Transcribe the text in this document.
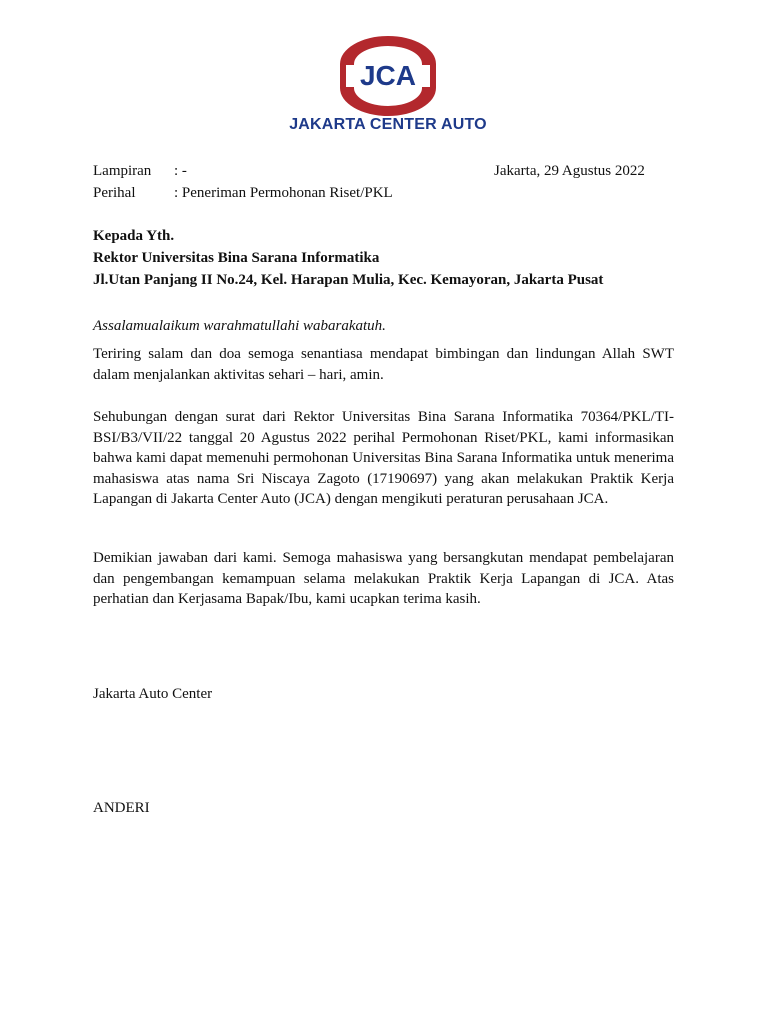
JCA
JAKARTA CENTER AUTO
Lampiran : -	Jakarta, 29 Agustus 2022
Perihal	: Peneriman Permohonan Riset/PKL
Kepada Yth.
Rektor Universitas Bina Sarana Informatika
Jl.Utan Panjang II No.24, Kel. Harapan Mulia, Kec. Kemayoran, Jakarta Pusat
Assalamualaikum warahmatullahi wabarakatuh.

Teriring salam dan doa semoga senantiasa mendapat bimbingan dan lindungan Allah SWT dalam menjalankan aktivitas sehari – hari, amin.

Sehubungan dengan surat dari Rektor Universitas Bina Sarana Informatika 70364/PKL/TI-BSI/B3/VII/22 tanggal 20 Agustus 2022 perihal Permohonan Riset/PKL, kami informasikan bahwa kami dapat memenuhi permohonan Universitas Bina Sarana Informatika untuk menerima mahasiswa atas nama Sri Niscaya Zagoto (17190697) yang akan melakukan Praktik Kerja Lapangan di Jakarta Center Auto (JCA) dengan mengikuti peraturan perusahaan JCA.

Demikian jawaban dari kami. Semoga mahasiswa yang bersangkutan mendapat pembelajaran dan pengembangan kemampuan selama melakukan Praktik Kerja Lapangan di JCA. Atas perhatian dan Kerjasama Bapak/Ibu, kami ucapkan terima kasih.

Jakarta Auto Center
ANDERI
